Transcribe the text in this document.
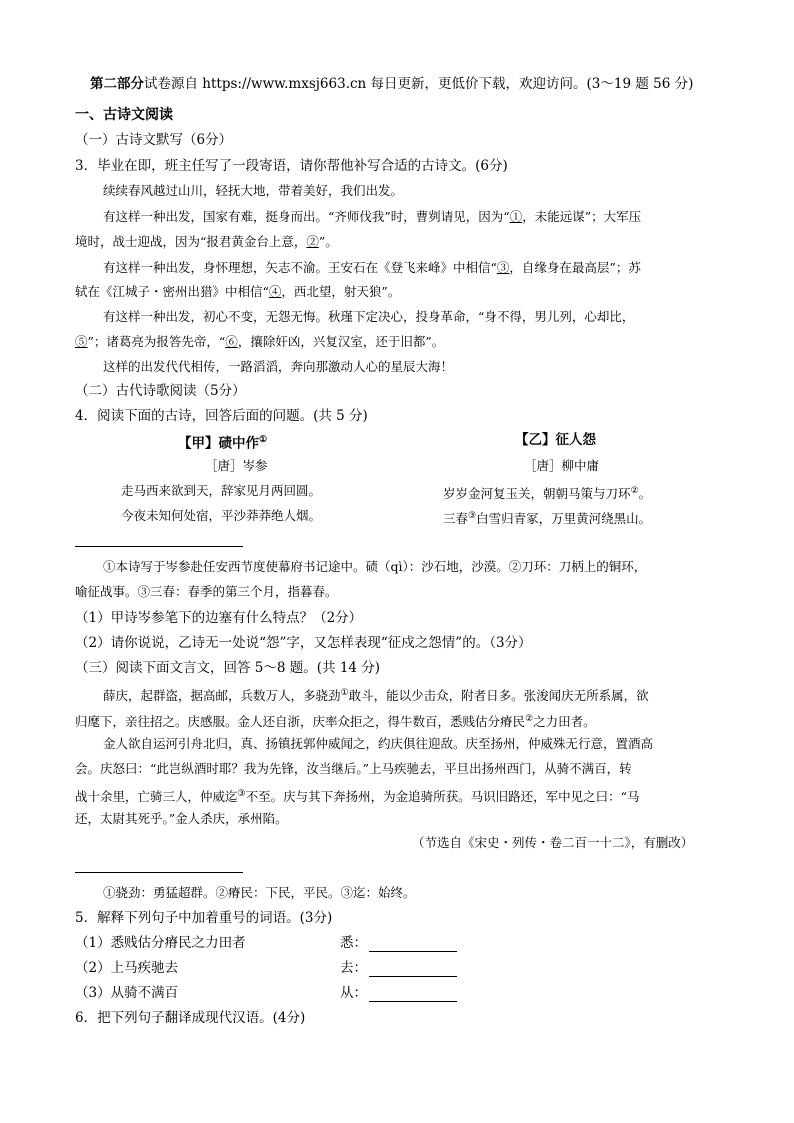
第二部分试卷源自 https://www.mxsj663.cn 每日更新，更低价下载，欢迎访问。(3～19 题 56 分)
一、古诗文阅读
（一）古诗文默写（6分）
3．毕业在即，班主任写了一段寄语，请你帮他补写合适的古诗文。(6分)
续续春风越过山川，轻抚大地，带着美好，我们出发。
有这样一种出发，国家有难，挺身而出。“齐师伐我”时，曹刿请见，因为“①，未能远谋”；大军压
境时，战士迎战，因为“报君黄金台上意，②”。
有这样一种出发，身怀理想，矢志不渝。王安石在《登飞来峰》中相信“③，自缘身在最高层”；苏
轼在《江城子・密州出猎》中相信“④，西北望，射天狼”。
有这样一种出发，初心不变，无怨无悔。秋瑾下定决心，投身革命，“身不得，男儿列，心却比，
⑤”；诸葛亮为报答先帝，“⑥，攘除奸凶，兴复汉室，还于旧都”。
这样的出发代代相传，一路滔滔，奔向那激动人心的星辰大海！
（二）古代诗歌阅读（5分）
4．阅读下面的古诗，回答后面的问题。(共 5 分)
【甲】碛中作①
［唐］岑参
走马西来欲到天，辞家见月两回圆。
今夜未知何处宿，平沙莽莽绝人烟。
【乙】征人怨
［唐］柳中庸
岁岁金河复玉关，朝朝马策与刀环②。
三春③白雪归青冢，万里黄河绕黑山。
①本诗写于岑参赴任安西节度使幕府书记途中。碛（qì）：沙石地，沙漠。②刀环：刀柄上的铜环，
喻征战事。③三春：春季的第三个月，指暮春。
（1）甲诗岑参笔下的边塞有什么特点？（2分）
（2）请你说说，乙诗无一处说“怨”字，又怎样表现“征戍之怨情”的。（3分）
（三）阅读下面文言文，回答 5～8 题。(共 14 分)
薛庆，起群盗，据高邮，兵数万人，多骁劲①敢斗，能以少击众，附者日多。张浚闻庆无所系属，欲
归麾下，亲往招之。庆感服。金人还自浙，庆率众拒之，得牛数百，悉贱估分瘠民②之力田者。
金人欲自运河引舟北归，真、扬镇抚郭仲威闻之，约庆俱往迎敌。庆至扬州，仲威殊无行意，置酒高
会。庆怒曰：“此岂纵酒时耶？我为先锋，汝当继后。”上马疾驰去，平旦出扬州西门，从骑不满百，转
战十余里，亡骑三人，仲威迄③不至。庆与其下奔扬州，为金追骑所获。马识旧路还，军中见之曰：“马
还，太尉其死乎。”金人杀庆，承州陷。
（节选自《宋史・列传・卷二百一十二》，有删改）
①骁劲：勇猛超群。②瘠民：下民，平民。③迄：始终。
5．解释下列句子中加着重号的词语。(3分)
（1）悉贱估分瘠民之力田者	悉：
（2）上马疾驰去	去：
（3）从骑不满百	从：
6．把下列句子翻译成现代汉语。(4分)
